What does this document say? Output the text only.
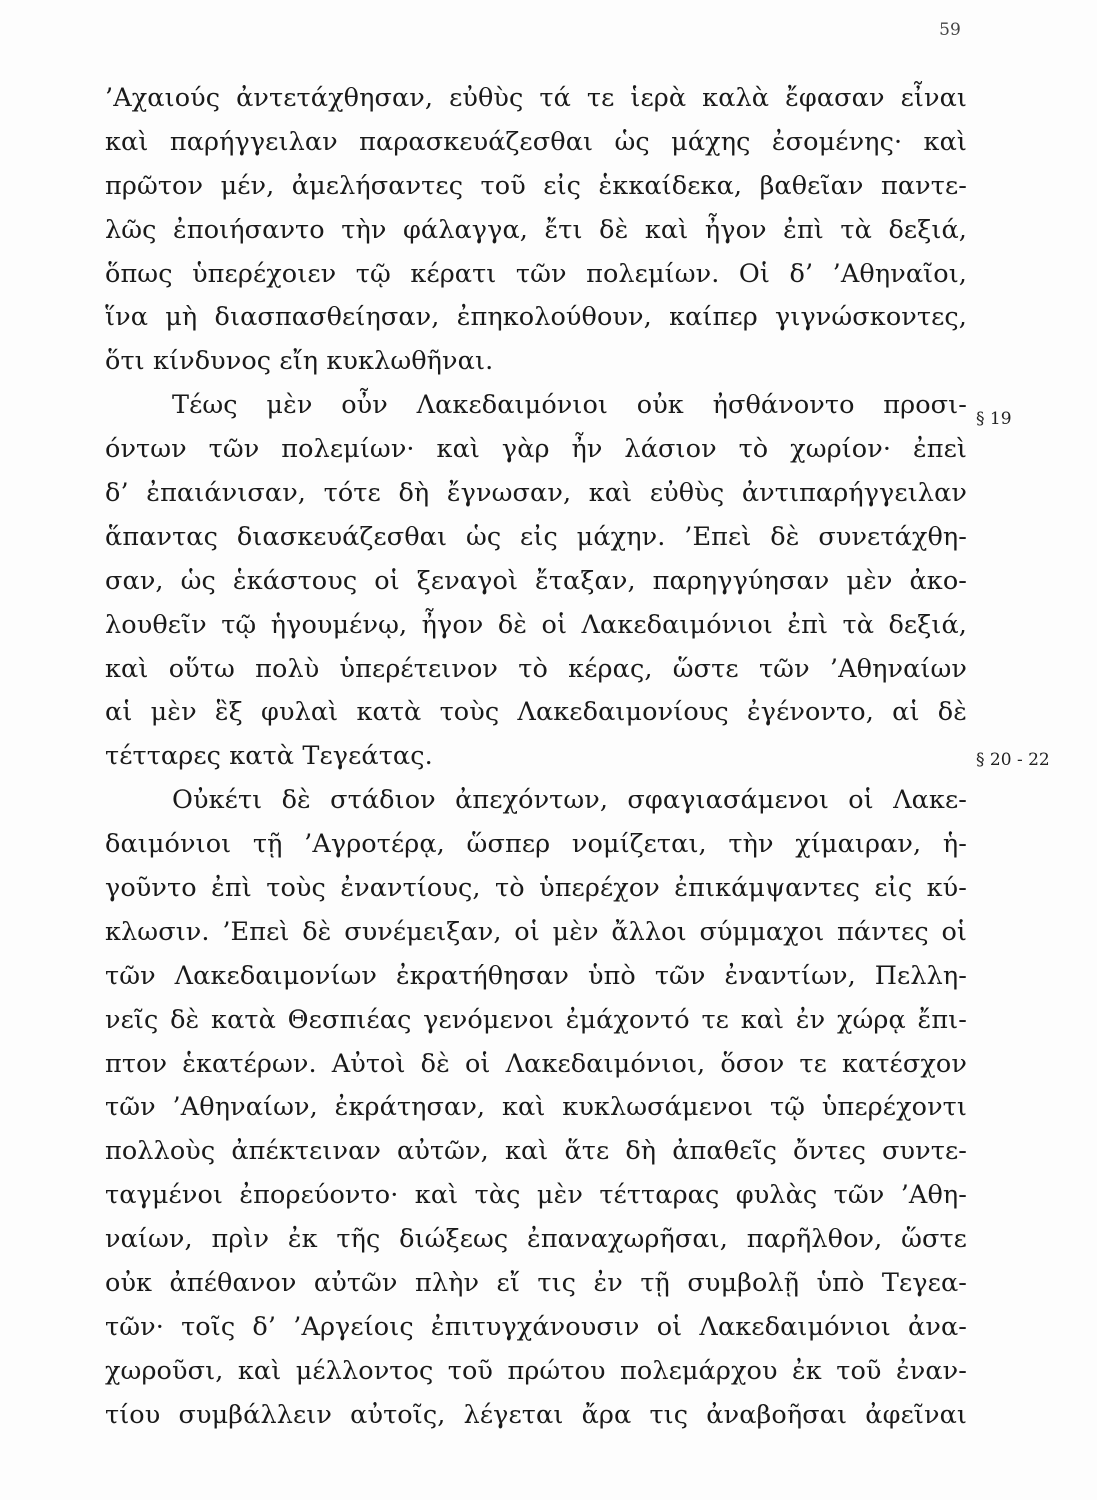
59
’Αχαιούς ἀντετάχθησαν, εὐθὺς τά τε ἱερὰ καλὰ ἔφασαν εἶναι
καὶ παρήγγειλαν παρασκευάζεσθαι ὡς μάχης ἐσομένης· καὶ
πρῶτον μέν, ἀμελήσαντες τοῦ εἰς ἑκκαίδεκα, βαθεῖαν παντε-
λῶς ἐποιήσαντο τὴν φάλαγγα, ἔτι δὲ καὶ ἦγον ἐπὶ τὰ δεξιά,
ὅπως ὑπερέχοιεν τῷ κέρατι τῶν πολεμίων. Οἱ δ’ ’Αθηναῖοι,
ἵνα μὴ διασπασθείησαν, ἐπηκολούθουν, καίπερ γιγνώσκοντες,
ὅτι κίνδυνος εἴη κυκλωθῆναι.
Τέως μὲν οὖν Λακεδαιμόνιοι οὐκ ἠσθάνοντο προσι-
όντων τῶν πολεμίων· καὶ γὰρ ἦν λάσιον τὸ χωρίον· ἐπεὶ
δ’ ἐπαιάνισαν, τότε δὴ ἔγνωσαν, καὶ εὐθὺς ἀντιπαρήγγειλαν
ἅπαντας διασκευάζεσθαι ὡς εἰς μάχην. ’Επεὶ δὲ συνετάχθη-
σαν, ὡς ἑκάστους οἱ ξεναγοὶ ἔταξαν, παρηγγύησαν μὲν ἀκο-
λουθεῖν τῷ ἡγουμένῳ, ἦγον δὲ οἱ Λακεδαιμόνιοι ἐπὶ τὰ δεξιά,
καὶ οὕτω πολὺ ὑπερέτεινον τὸ κέρας, ὥστε τῶν ’Αθηναίων
αἱ μὲν ἓξ φυλαὶ κατὰ τοὺς Λακεδαιμονίους ἐγένοντο, αἱ δὲ
τέτταρες κατὰ Τεγεάτας.
Οὐκέτι δὲ στάδιον ἀπεχόντων, σφαγιασάμενοι οἱ Λακε-
δαιμόνιοι τῇ ’Αγροτέρᾳ, ὥσπερ νομίζεται, τὴν χίμαιραν, ἡ-
γοῦντο ἐπὶ τοὺς ἐναντίους, τὸ ὑπερέχον ἐπικάμψαντες εἰς κύ-
κλωσιν. ’Επεὶ δὲ συνέμειξαν, οἱ μὲν ἄλλοι σύμμαχοι πάντες οἱ
τῶν Λακεδαιμονίων ἐκρατήθησαν ὑπὸ τῶν ἐναντίων, Πελλη-
νεῖς δὲ κατὰ Θεσπιέας γενόμενοι ἐμάχοντό τε καὶ ἐν χώρᾳ ἔπι-
πτον ἑκατέρων. Αὐτοὶ δὲ οἱ Λακεδαιμόνιοι, ὅσον τε κατέσχον
τῶν ’Αθηναίων, ἐκράτησαν, καὶ κυκλωσάμενοι τῷ ὑπερέχοντι
πολλοὺς ἀπέκτειναν αὐτῶν, καὶ ἅτε δὴ ἀπαθεῖς ὄντες συντε-
ταγμένοι ἐπορεύοντο· καὶ τὰς μὲν τέτταρας φυλὰς τῶν ’Αθη-
ναίων, πρὶν ἐκ τῆς διώξεως ἐπαναχωρῆσαι, παρῆλθον, ὥστε
οὐκ ἀπέθανον αὐτῶν πλὴν εἴ τις ἐν τῇ συμβολῇ ὑπὸ Τεγεα-
τῶν· τοῖς δ’ ’Αργείοις ἐπιτυγχάνουσιν οἱ Λακεδαιμόνιοι ἀνα-
χωροῦσι, καὶ μέλλοντος τοῦ πρώτου πολεμάρχου ἐκ τοῦ ἐναν-
τίου συμβάλλειν αὐτοῖς, λέγεται ἄρα τις ἀναβοῆσαι ἀφεῖναι
§ 19
§ 20 - 22
